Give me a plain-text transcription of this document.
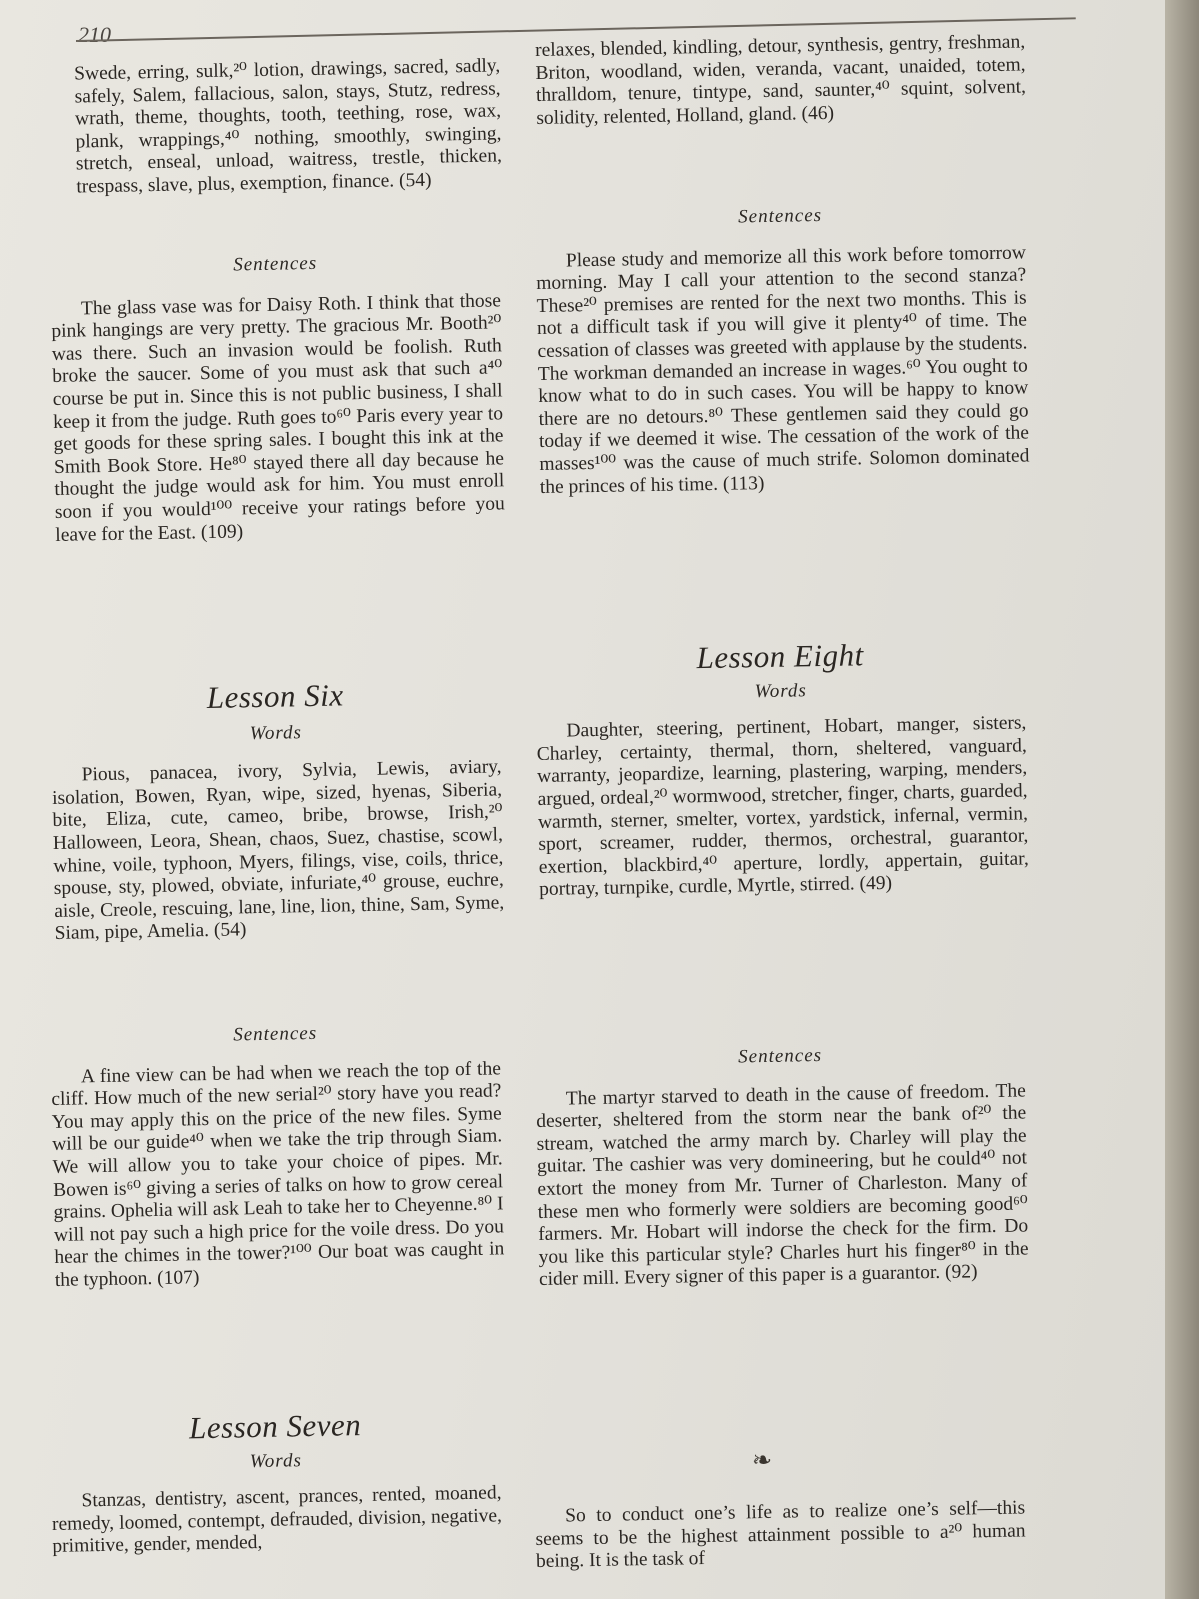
210

Swede, erring, sulk,²⁰ lotion, drawings, sacred, sadly, safely, Salem, fallacious, salon, stays, Stutz, redress, wrath, theme, thoughts, tooth, teething, rose, wax, plank, wrappings,⁴⁰ nothing, smoothly, swinging, stretch, enseal, unload, waitress, trestle, thicken, trespass, slave, plus, exemption, finance. (54)

Sentences

The glass vase was for Daisy Roth. I think that those pink hangings are very pretty. The gracious Mr. Booth²⁰ was there. Such an invasion would be foolish. Ruth broke the saucer. Some of you must ask that such a⁴⁰ course be put in. Since this is not public business, I shall keep it from the judge. Ruth goes to⁶⁰ Paris every year to get goods for these spring sales. I bought this ink at the Smith Book Store. He⁸⁰ stayed there all day because he thought the judge would ask for him. You must enroll soon if you would¹⁰⁰ receive your ratings before you leave for the East. (109)

Lesson Six

Words

Pious, panacea, ivory, Sylvia, Lewis, aviary, isolation, Bowen, Ryan, wipe, sized, hyenas, Siberia, bite, Eliza, cute, cameo, bribe, browse, Irish,²⁰ Halloween, Leora, Shean, chaos, Suez, chastise, scowl, whine, voile, typhoon, Myers, filings, vise, coils, thrice, spouse, sty, plowed, obviate, infuriate,⁴⁰ grouse, euchre, aisle, Creole, rescuing, lane, line, lion, thine, Sam, Syme, Siam, pipe, Amelia. (54)

Sentences

A fine view can be had when we reach the top of the cliff. How much of the new serial²⁰ story have you read? You may apply this on the price of the new files. Syme will be our guide⁴⁰ when we take the trip through Siam. We will allow you to take your choice of pipes. Mr. Bowen is⁶⁰ giving a series of talks on how to grow cereal grains. Ophelia will ask Leah to take her to Cheyenne.⁸⁰ I will not pay such a high price for the voile dress. Do you hear the chimes in the tower?¹⁰⁰ Our boat was caught in the typhoon. (107)

Lesson Seven

Words

Stanzas, dentistry, ascent, prances, rented, moaned, remedy, loomed, contempt, defrauded, division, negative, primitive, gender, mended,

relaxes, blended, kindling, detour, synthesis, gentry, freshman, Briton, woodland, widen, veranda, vacant, unaided, totem, thralldom, tenure, tintype, sand, saunter,⁴⁰ squint, solvent, solidity, relented, Holland, gland. (46)

Sentences

Please study and memorize all this work before tomorrow morning. May I call your attention to the second stanza? These²⁰ premises are rented for the next two months. This is not a difficult task if you will give it plenty⁴⁰ of time. The cessation of classes was greeted with applause by the students. The workman demanded an increase in wages.⁶⁰ You ought to know what to do in such cases. You will be happy to know there are no detours.⁸⁰ These gentlemen said they could go today if we deemed it wise. The cessation of the work of the masses¹⁰⁰ was the cause of much strife. Solomon dominated the princes of his time. (113)

Lesson Eight

Words

Daughter, steering, pertinent, Hobart, manger, sisters, Charley, certainty, thermal, thorn, sheltered, vanguard, warranty, jeopardize, learning, plastering, warping, menders, argued, ordeal,²⁰ wormwood, stretcher, finger, charts, guarded, warmth, sterner, smelter, vortex, yardstick, infernal, vermin, sport, screamer, rudder, thermos, orchestral, guarantor, exertion, blackbird,⁴⁰ aperture, lordly, appertain, guitar, portray, turnpike, curdle, Myrtle, stirred. (49)

Sentences

The martyr starved to death in the cause of freedom. The deserter, sheltered from the storm near the bank of²⁰ the stream, watched the army march by. Charley will play the guitar. The cashier was very domineering, but he could⁴⁰ not extort the money from Mr. Turner of Charleston. Many of these men who formerly were soldiers are becoming good⁶⁰ farmers. Mr. Hobart will indorse the check for the firm. Do you like this particular style? Charles hurt his finger⁸⁰ in the cider mill. Every signer of this paper is a guarantor. (92)

❧

So to conduct one’s life as to realize one’s self—this seems to be the highest attainment possible to a²⁰ human being. It is the task of
